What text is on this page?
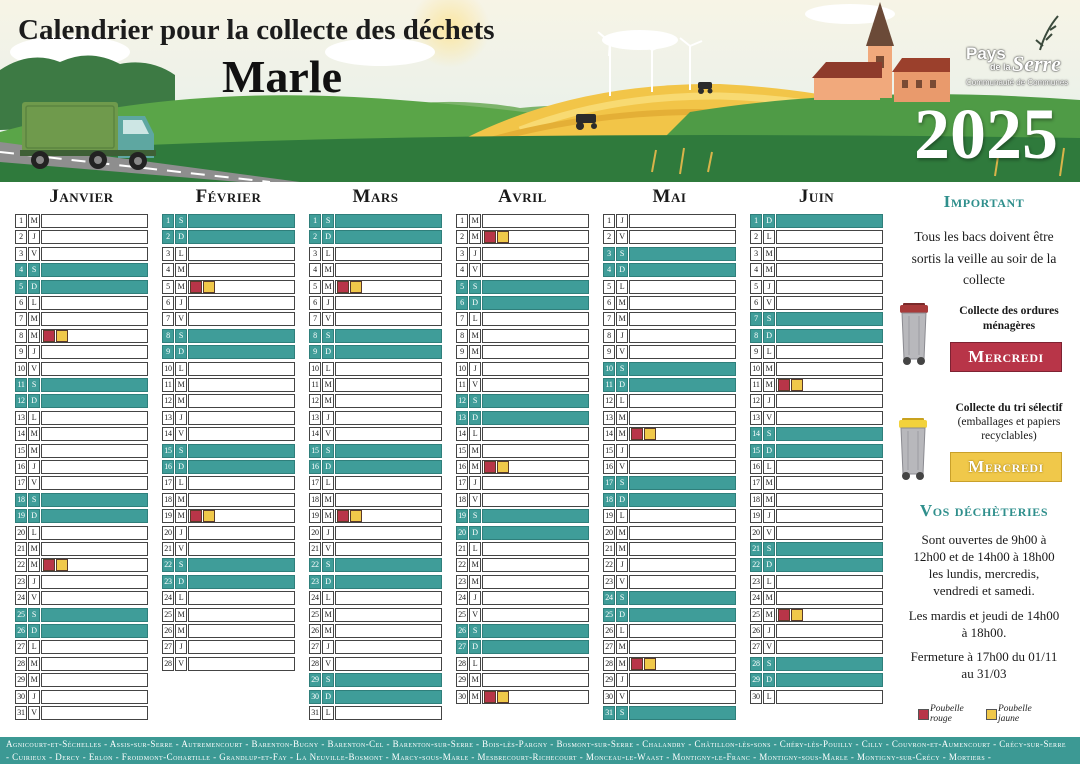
Calendrier pour la collecte des déchets
Marle
2025
Pays
de la Serre
Communauté de Communes
Janvier
1 M
2	J
3	V
4	S
5	D
6	L
7 M
8 M
9	J
10 V
11 S
12 D
13 L
14 M
15 M
16 J
17 V
18 S
19 D
20 L
21 M
22 M
23 J
24 V
25 S
26 D
27 L
28 M
29 M
30 J
31 V
Février
1	S
2	D
3	L
4 M
5 M
6	J
7	V
8	S
9	D
10 L
11 M
12 M
13 J
14 V
15 S
16 D
17 L
18 M
19 M
20 J
21 V
22 S
23 D
24 L
25 M
26 M
27 J
28 V
Mars
1	S
2	D
3	L
4 M
5 M
6	J
7	V
8	S
9	D
10 L
11 M
12 M
13 J
14 V
15 S
16 D
17 L
18 M
19 M
20 J
21 V
22 S
23 D
24 L
25 M
26 M
27 J
28 V
29 S
30 D
31 L
Avril
1 M
2 M
3	J
4	V
5	S
6	D
7	L
8 M
9 M
10 J
11 V
12 S
13 D
14 L
15 M
16 M
17 J
18 V
19 S
20 D
21 L
22 M
23 M
24 J
25 V
26 S
27 D
28 L
29 M
30 M
Mai
1	J
2	V
3	S
4	D
5	L
6 M
7 M
8	J
9	V
10 S
11 D
12 L
13 M
14 M
15 J
16 V
17 S
18 D
19 L
20 M
21 M
22 J
23 V
24 S
25 D
26 L
27 M
28 M
29 J
30 V
31 S
Juin
1	D
2	L
3 M
4 M
5	J
6	V
7	S
8	D
9	L
10 M
11 M
12 J
13 V
14 S
15 D
16 L
17 M
18 M
19 J
20 V
21 S
22 D
23 L
24 M
25 M
26 J
27 V
28 S
29 D
30 L
Important
Tous les bacs doivent être
sortis la veille au soir de la
collecte
Collecte des ordures
ménagères
Mercredi
Collecte du tri sélectif
(emballages et papiers
recyclables)
Mercredi
Vos déchèteries
Sont ouvertes de 9h00 à
12h00 et de 14h00 à 18h00
les lundis, mercredis,
vendredi et samedi.
Les mardis et jeudi de 14h00
à 18h00.
Fermeture à 17h00 du 01/11
au 31/03
Poubelle
rouge
Poubelle
jaune
Agnicourt-et-Séchelles - Assis-sur-Serre - Autremencourt - Barenton-Bugny - Barenton-Cel - Barenton-sur-Serre - Bois-lès-Pargny - Bosmont-sur-Serre - Chalandry - Châtillon-lès-sons - Chéry-lès-Pouilly - Cilly - Couvron-et-Aumencourt - Crécy-sur-Serre
- Cuirieux - Dercy - Erlon - Froidmont-Cohartille - Grandlup-et-Fay - La Neuville-Bosmont - Marcy-sous-Marle - Mesbrecourt-Richecourt - Monceau-le-Waast - Montigny-le-Franc - Montigny-sous-Marle - Montigny-sur-Crécy - Mortiers -
